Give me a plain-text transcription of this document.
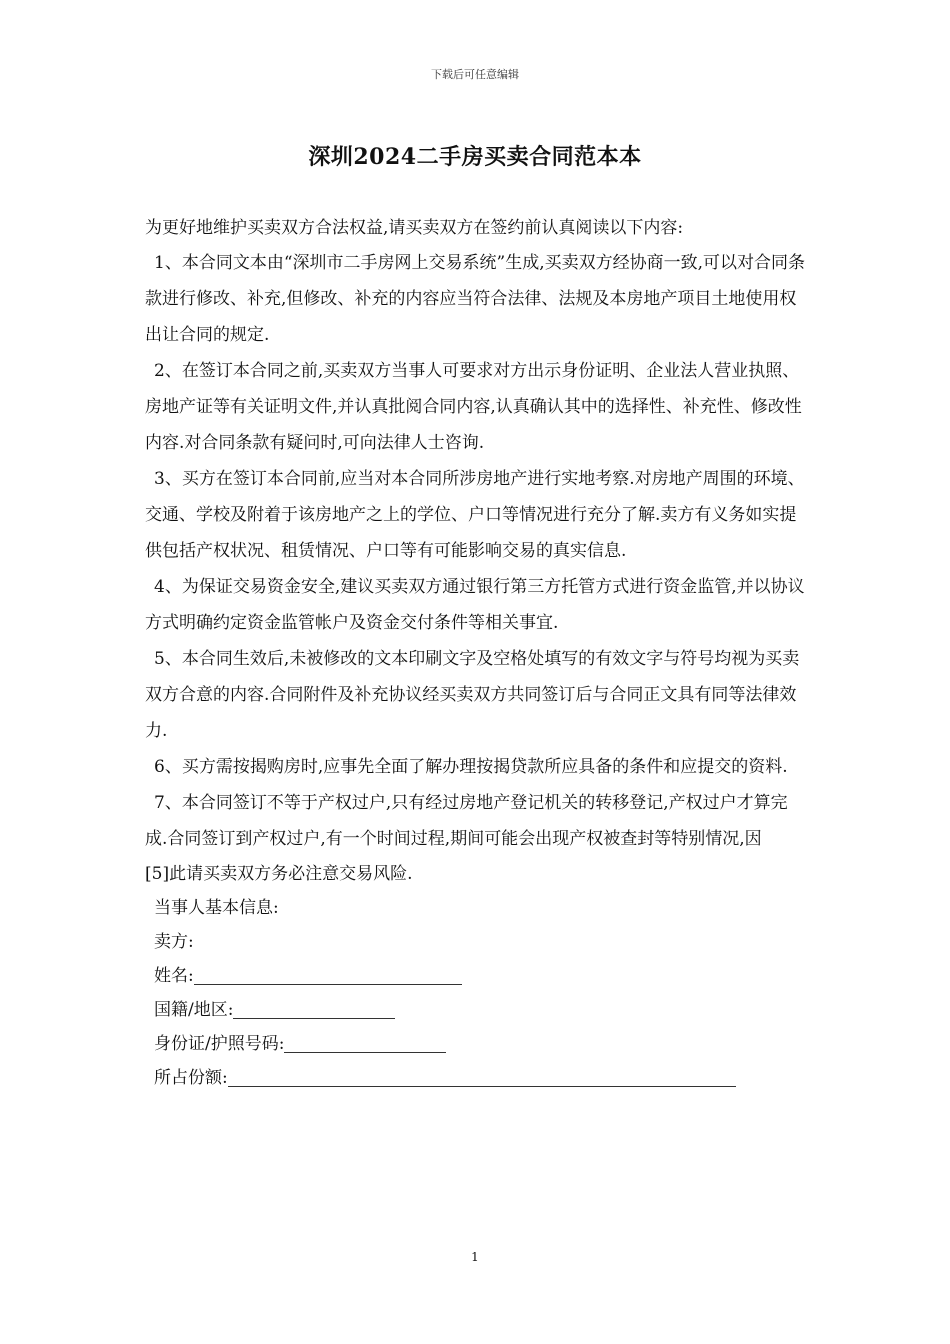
下载后可任意编辑
深圳2024二手房买卖合同范本本
为更好地维护买卖双方合法权益,请买卖双方在签约前认真阅读以下内容:

1、本合同文本由“深圳市二手房网上交易系统”生成,买卖双方经协商一致,可以对合同条款进行修改、补充,但修改、补充的内容应当符合法律、法规及本房地产项目土地使用权出让合同的规定.

2、在签订本合同之前,买卖双方当事人可要求对方出示身份证明、企业法人营业执照、房地产证等有关证明文件,并认真批阅合同内容,认真确认其中的选择性、补充性、修改性内容.对合同条款有疑问时,可向法律人士咨询.

3、买方在签订本合同前,应当对本合同所涉房地产进行实地考察.对房地产周围的环境、交通、学校及附着于该房地产之上的学位、户口等情况进行充分了解.卖方有义务如实提供包括产权状况、租赁情况、户口等有可能影响交易的真实信息.

4、为保证交易资金安全,建议买卖双方通过银行第三方托管方式进行资金监管,并以协议方式明确约定资金监管帐户及资金交付条件等相关事宜.

5、本合同生效后,未被修改的文本印刷文字及空格处填写的有效文字与符号均视为买卖双方合意的内容.合同附件及补充协议经买卖双方共同签订后与合同正文具有同等法律效力.

6、买方需按揭购房时,应事先全面了解办理按揭贷款所应具备的条件和应提交的资料.

7、本合同签订不等于产权过户,只有经过房地产登记机关的转移登记,产权过户才算完成.合同签订到产权过户,有一个时间过程,期间可能会出现产权被查封等特别情况,因

[5]此请买卖双方务必注意交易风险.
当事人基本信息:
卖方:
姓名:
国籍/地区:
身份证/护照号码:
所占份额:
1
